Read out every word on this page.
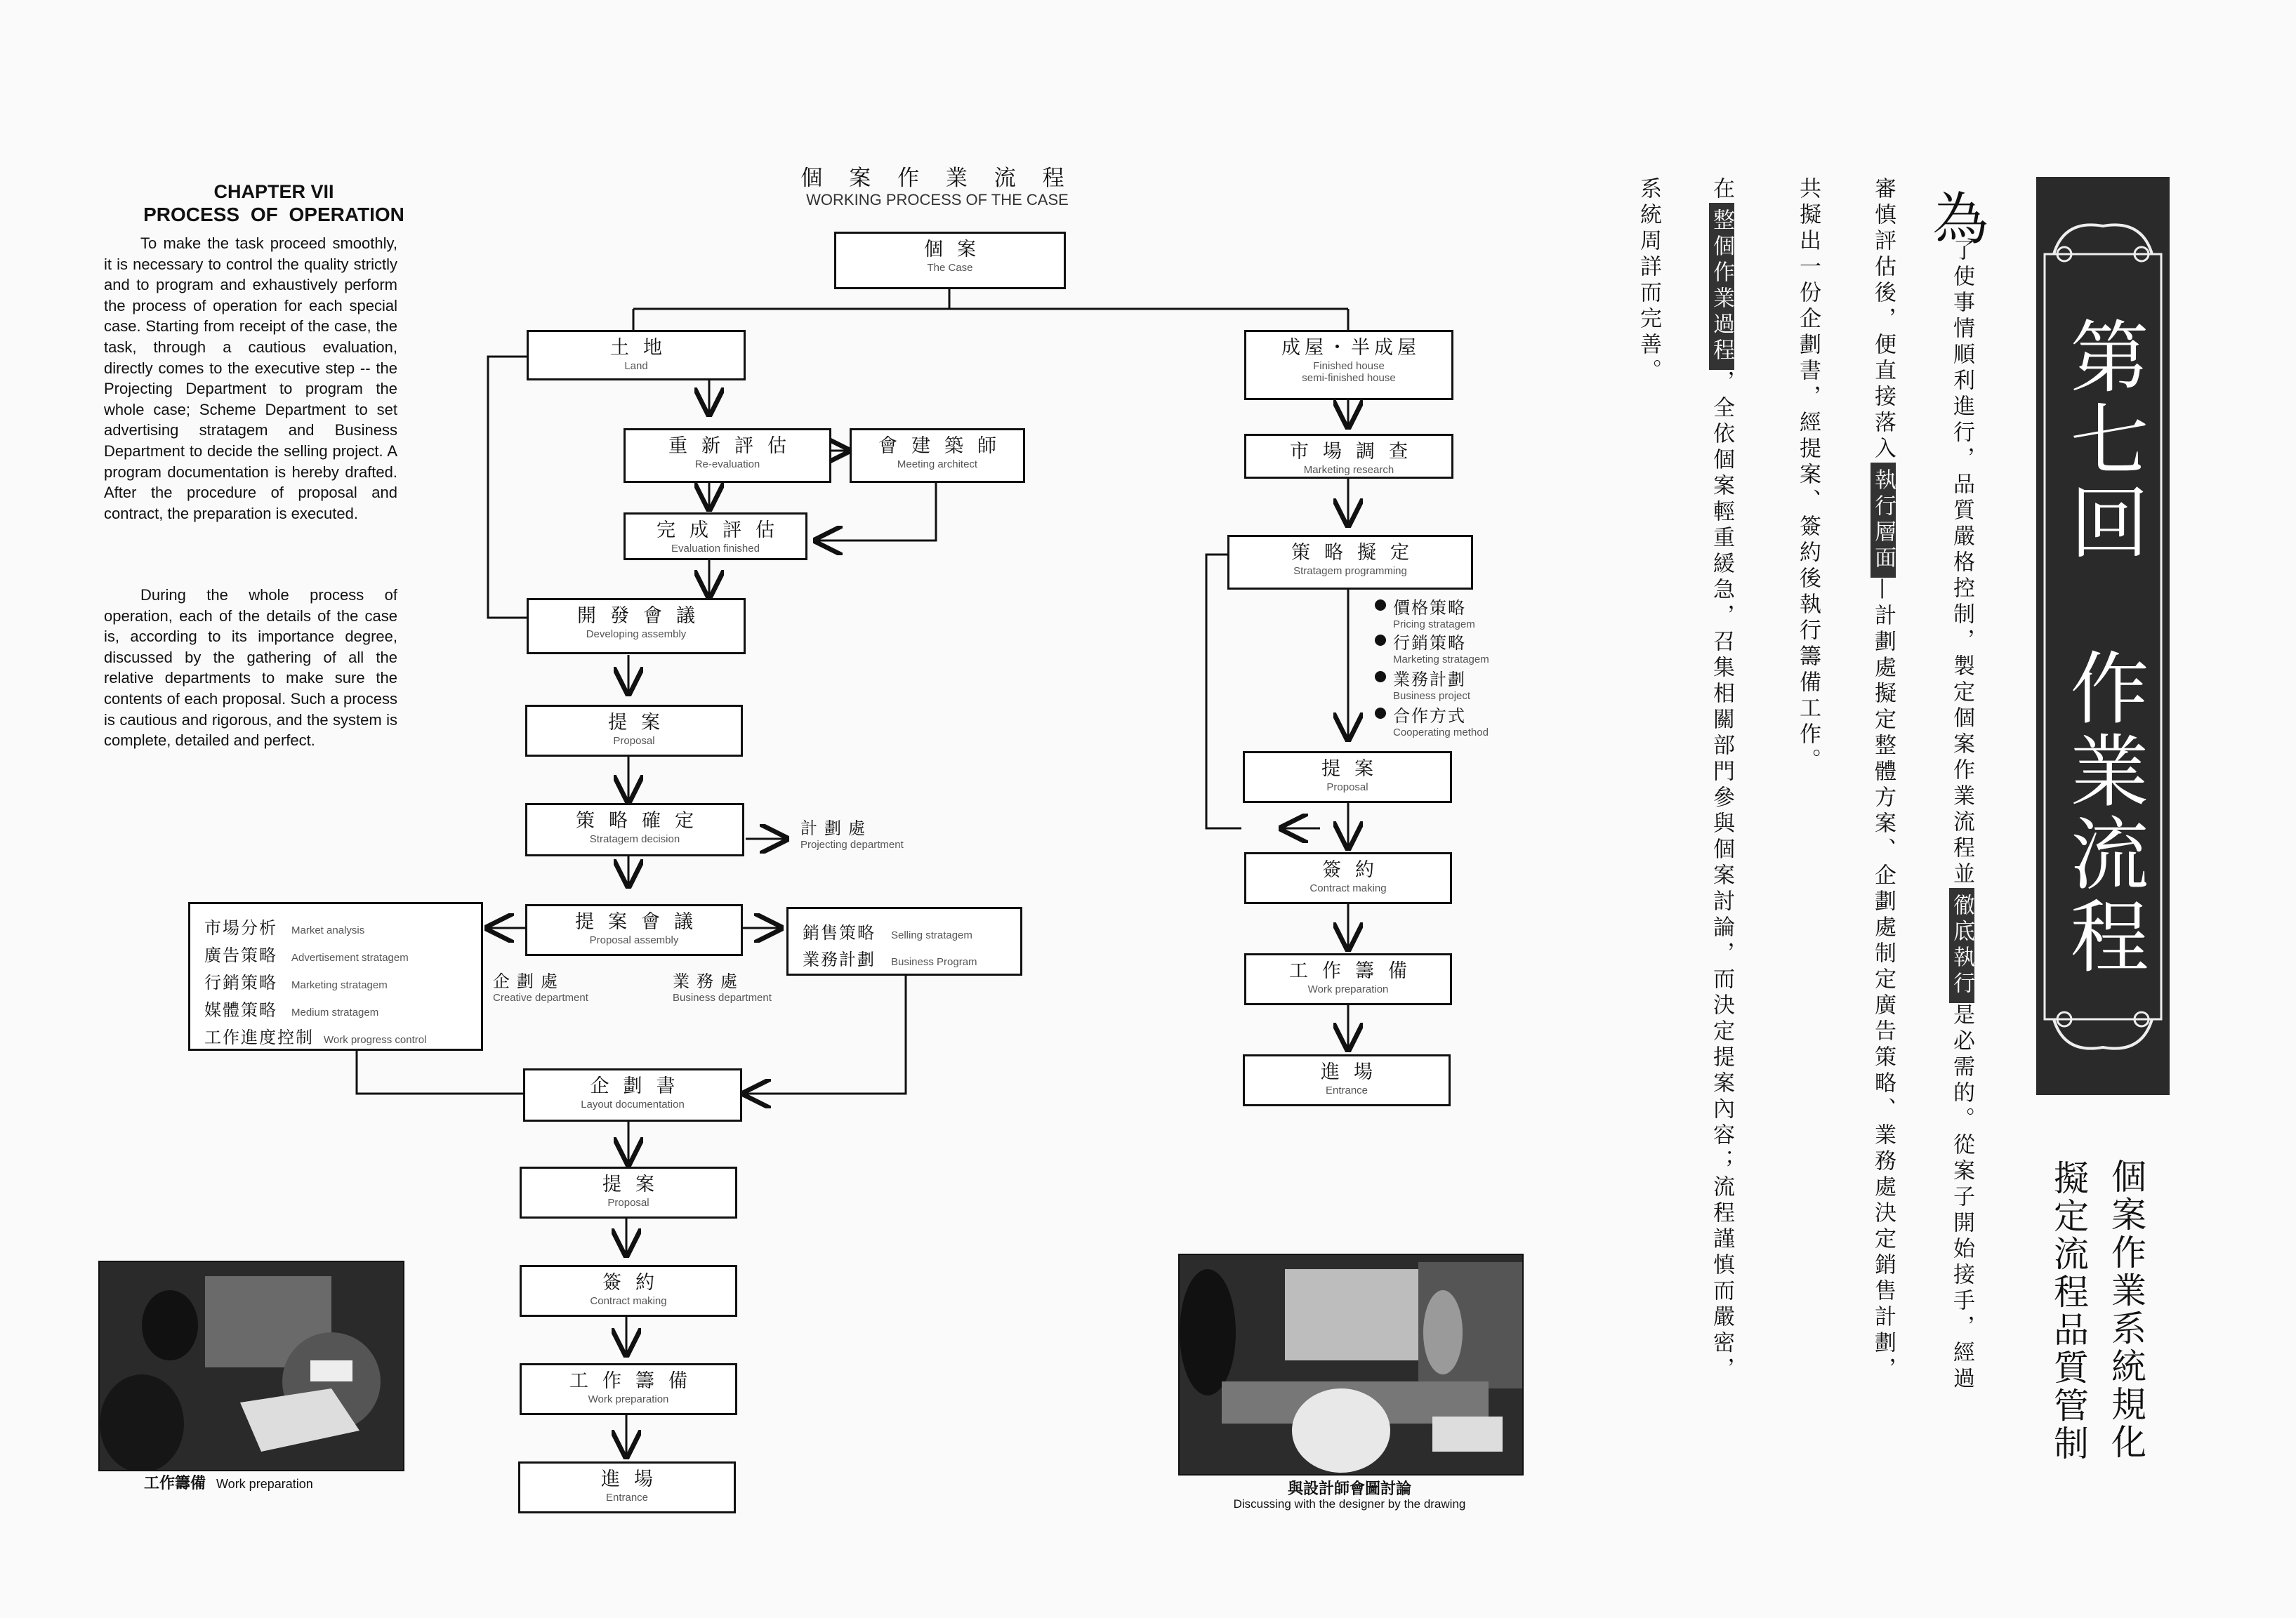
CHAPTER VII
PROCESS OF OPERATION
To make the task proceed smoothly, it is necessary to control the quality strictly and to program and exhaustively perform the process of operation for each special case. Starting from receipt of the case, the task, through a cautious evaluation, directly comes to the executive step -- the Projecting Department to program the whole case; Scheme Department to set advertising stratagem and Business Department to decide the selling project. A program documentation is hereby drafted. After the procedure of proposal and contract, the preparation is executed.
During the whole process of operation, each of the details of the case is, according to its importance degree, discussed by the gathering of all the relative departments to make sure the contents of each proposal. Such a process is cautious and rigorous, and the system is complete, detailed and perfect.
個 案 作 業 流 程
WORKING PROCESS OF THE CASE
個案
The Case
土地
Land
重新評估
Re-evaluation
會建築師
Meeting architect
完成評估
Evaluation finished
開發會議
Developing assembly
提案
Proposal
策略確定
Stratagem decision
計劃處
Projecting department
提案會議
Proposal assembly
市場分析 Market analysis
廣告策略 Advertisement stratagem
行銷策略 Marketing stratagem
媒體策略 Medium stratagem
工作進度控制 Work progress control
企劃處
Creative department
業務處
Business department
銷售策略 Selling stratagem
業務計劃 Business Program
企劃書
Layout documentation
提案
Proposal
簽約
Contract making
工作籌備
Work preparation
進場
Entrance
成屋・半成屋
Finished house
semi-finished house
市場調查
Marketing research
策略擬定
Stratagem programming
價格策略
Pricing stratagem
行銷策略
Marketing stratagem
業務計劃
Business project
合作方式
Cooperating method
提案
Proposal
簽約
Contract making
工作籌備
Work preparation
進場
Entrance
工作籌備 Work preparation	與設計師會圖討論
Discussing with the designer by the drawing
第七回　作業流程
個案作業系統規化
擬定流程品質管制
為
了使事情順利進行，品質嚴格控制，製定個案作業流程並徹底執行是必需的。從案子開始接手，經過
審慎評估後，便直接落入執行層面—計劃處擬定整體方案、企劃處制定廣告策略、業務處決定銷售計劃，
共擬出一份企劃書，經提案、簽約後執行籌備工作。
在整個作業過程，全依個案輕重緩急，召集相關部門參與個案討論，而決定提案內容；流程謹慎而嚴密，
系統周詳而完善。
